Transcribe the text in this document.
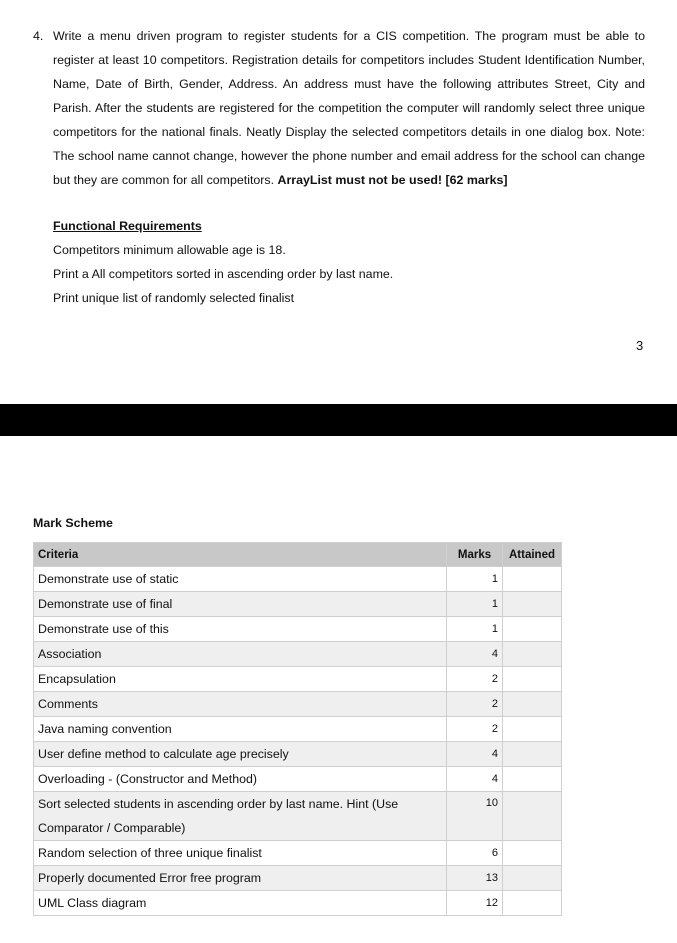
4. Write a menu driven program to register students for a CIS competition. The program must be able to register at least 10 competitors. Registration details for competitors includes Student Identification Number, Name, Date of Birth, Gender, Address. An address must have the following attributes Street, City and Parish. After the students are registered for the competition the computer will randomly select three unique competitors for the national finals. Neatly Display the selected competitors details in one dialog box. Note: The school name cannot change, however the phone number and email address for the school can change but they are common for all competitors. ArrayList must not be used! [62 marks]
Functional Requirements
Competitors minimum allowable age is 18.
Print a All competitors sorted in ascending order by last name.
Print unique list of randomly selected finalist
3
Mark Scheme
Criteria	Marks	Attained
Demonstrate use of static	1	
Demonstrate use of final	1	
Demonstrate use of this	1	
Association	4	
Encapsulation	2	
Comments	2	
Java naming convention	2	
User define method to calculate age precisely	4	
Overloading - (Constructor and Method)	4	
Sort selected students in ascending order by last name. Hint (Use Comparator / Comparable)	10	
Random selection of three unique finalist	6	
Properly documented Error free program	13	
UML Class diagram	12	
